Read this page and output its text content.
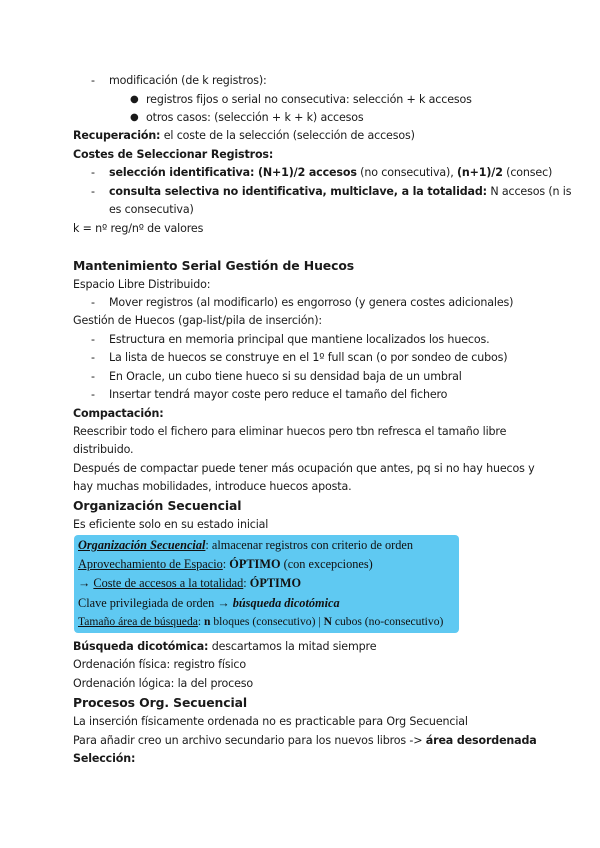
-	modificación (de k registros):
● registros fijos o serial no consecutiva: selección + k accesos
● otros casos: (selección + k + k) accesos
Recuperación: el coste de la selección (selección de accesos)
Costes de Seleccionar Registros:
-	selección identificativa: (N+1)/2 accesos (no consecutiva), (n+1)/2 (consec)
-	consulta selectiva no identificativa, multiclave, a la totalidad: N accesos (n is
es consecutiva)
k = nº reg/nº de valores
Mantenimiento Serial Gestión de Huecos
Espacio Libre Distribuido:
-	Mover registros (al modificarlo) es engorroso (y genera costes adicionales)
Gestión de Huecos (gap-list/pila de inserción):
-	Estructura en memoria principal que mantiene localizados los huecos.
-	La lista de huecos se construye en el 1º full scan (o por sondeo de cubos)
-	En Oracle, un cubo tiene hueco si su densidad baja de un umbral
-	Insertar tendrá mayor coste pero reduce el tamaño del fichero
Compactación:
Reescribir todo el fichero para eliminar huecos pero tbn refresca el tamaño libre
distribuido.
Después de compactar puede tener más ocupación que antes, pq si no hay huecos y
hay muchas mobilidades, introduce huecos aposta.
Organización Secuencial
Es eficiente solo en su estado inicial
Organización Secuencial: almacenar registros con criterio de orden
Aprovechamiento de Espacio: ÓPTIMO (con excepciones)
→ Coste de accesos a la totalidad: ÓPTIMO
Clave privilegiada de orden → búsqueda dicotómica
Tamaño área de búsqueda: n bloques (consecutivo) | N cubos (no-consecutivo)
Búsqueda dicotómica: descartamos la mitad siempre
Ordenación física: registro físico
Ordenación lógica: la del proceso
Procesos Org. Secuencial
La inserción físicamente ordenada no es practicable para Org Secuencial
Para añadir creo un archivo secundario para los nuevos libros -> área desordenada
Selección:
